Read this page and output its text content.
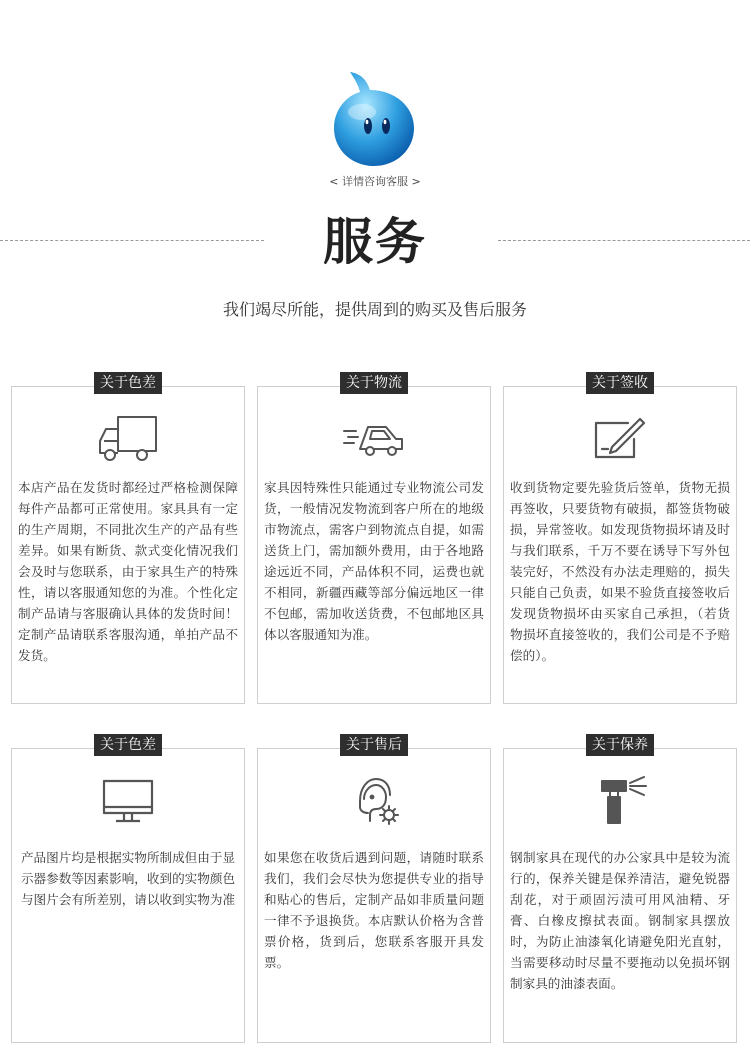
< 详情咨询客服 >
服务
我们竭尽所能，提供周到的购买及售后服务
关于色差
本店产品在发货时都经过严格检测保障每件产品都可正常使用。家具具有一定的生产周期，不同批次生产的产品有些差异。如果有断货、款式变化情况我们会及时与您联系，由于家具生产的特殊性，请以客服通知您的为准。个性化定制产品请与客服确认具体的发货时间！定制产品请联系客服沟通，单拍产品不发货。
关于物流
家具因特殊性只能通过专业物流公司发货，一般情况发物流到客户所在的地级市物流点，需客户到物流点自提，如需送货上门，需加额外费用，由于各地路途远近不同，产品体积不同，运费也就不相同，新疆西藏等部分偏远地区一律不包邮，需加收送货费，不包邮地区具体以客服通知为准。
关于签收
收到货物定要先验货后签单，货物无损再签收，只要货物有破损，都签货物破损，异常签收。如发现货物损坏请及时与我们联系，千万不要在诱导下写外包装完好，不然没有办法走理赔的，损失只能自己负责，如果不验货直接签收后发现货物损坏由买家自己承担，（若货物损坏直接签收的，我们公司是不予赔偿的）。
关于色差
产品图片均是根据实物所制成但由于显示器参数等因素影响，收到的实物颜色与图片会有所差别，请以收到实物为准
关于售后
如果您在收货后遇到问题，请随时联系我们，我们会尽快为您提供专业的指导和贴心的售后，定制产品如非质量问题一律不予退换货。本店默认价格为含普票价格，货到后，您联系客服开具发票。
关于保养
钢制家具在现代的办公家具中是较为流行的，保养关键是保养清洁，避免锐器刮花，对于顽固污渍可用风油精、牙膏、白橡皮擦拭表面。钢制家具摆放时，为防止油漆氧化请避免阳光直射，当需要移动时尽量不要拖动以免损坏钢制家具的油漆表面。
